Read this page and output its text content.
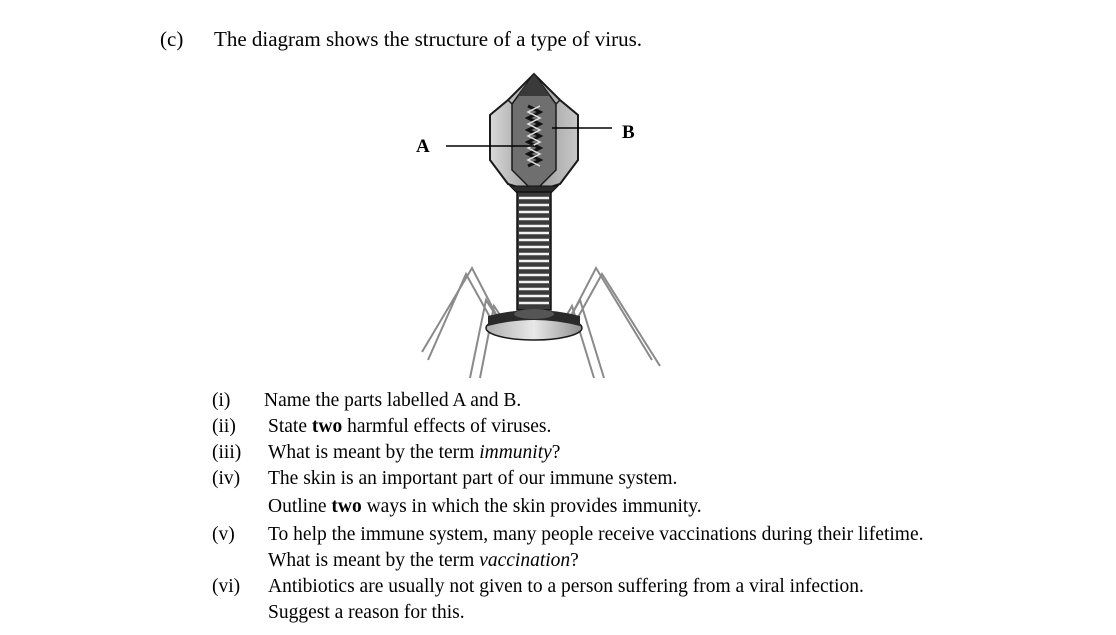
(c) The diagram shows the structure of a type of virus.
A
B
(i) Name the parts labelled A and B.
(ii) State two harmful effects of viruses.
(iii) What is meant by the term immunity?
(iv) The skin is an important part of our immune system.
Outline two ways in which the skin provides immunity.
(v) To help the immune system, many people receive vaccinations during their lifetime.
What is meant by the term vaccination?
(vi) Antibiotics are usually not given to a person suffering from a viral infection.
Suggest a reason for this.
